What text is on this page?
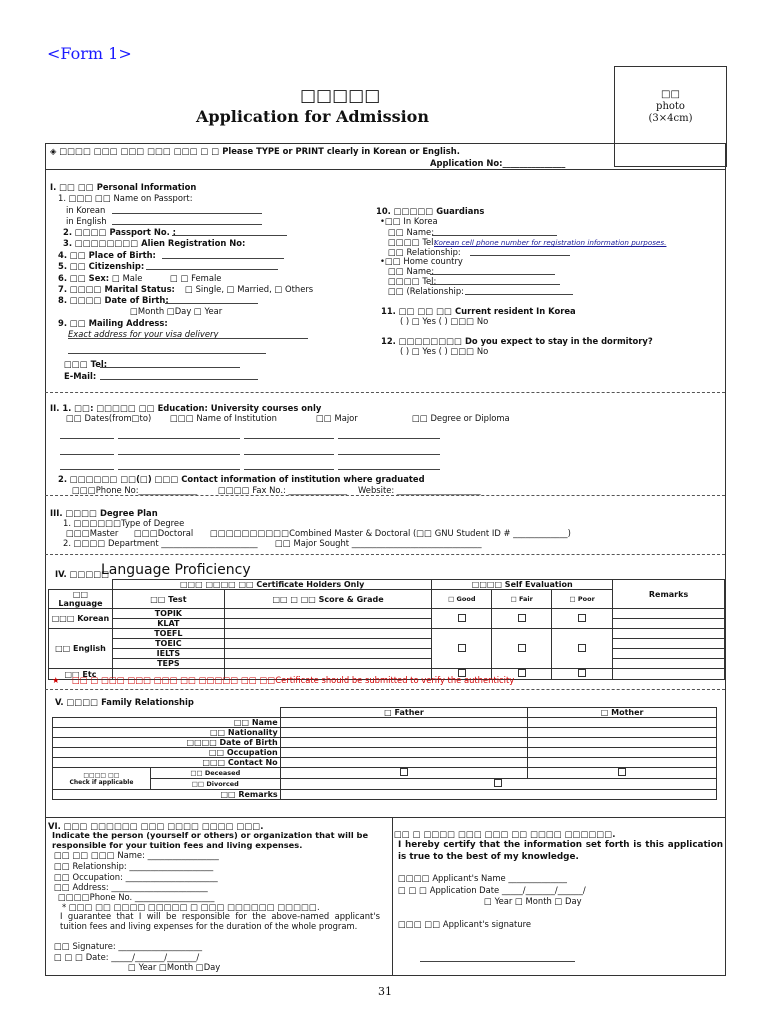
<Form 1>
□□□□□
Application for Admission
□□
photo
(3×4cm)
◈ □□□□ □□□ □□□ □□□ □□□ □ □ Please TYPE or PRINT clearly in Korean or English.
Application No:_______________
I. □□ □□ Personal Information
1. □□□ □□ Name on Passport:
in Korean
in English
2. □□□□ Passport No. :
3. □□□□□□□□ Alien Registration No:
4. □□ Place of Birth:
5. □□ Citizenship:
6. □□ Sex: □ Male	□ □ Female
7. □□□□ Marital Status: □ Single, □ Married, □ Others
8. □□□□ Date of Birth:
□Month □Day □ Year
9. □□ Mailing Address:
Exact address for your visa delivery
□□□ Tel:
E-Mail:
10. □□□□□ Guardians
•□□ In Korea
□□ Name:
□□□□ Tel:
Korean cell phone number for registration information purposes.
□□ Relationship:
•□□ Home country
□□ Name:
□□□□ Tel:
□□ (Relationship:
11. □□ □□ □□ Current resident In Korea
( ) □ Yes ( ) □□□ No
12. □□□□□□□□ Do you expect to stay in the dormitory?
( ) □ Yes ( ) □□□ No
II. 1. □□: □□□□□ □□ Education: University courses only
□□ Dates(from□to) □□□ Name of Institution	□□ Major	□□ Degree or Diploma
2. □□□□□□ □□(□) □□□ Contact information of institution where graduated
□□□Phone No:______________ □□□□ Fax No.: ______________ Website: ____________________
III. □□□□ Degree Plan
1. □□□□□□Type of Degree
□□□Master □□□Doctoral □□□□□□□□□□Combined Master & Doctoral (□□ GNU Student ID # _____________)
2. □□□□ Department _______________________ □□ Major Sought _______________________________
IV. □□□□□
Language Proficiency
	□□□ □□□□ □□ Certificate Holders Only		□□□□ Self Evaluation			Remarks
□□ Language	□□ Test	□□ □ □□ Score & Grade	□ Good	□ Fair	□ Poor	
□□□ Korean	TOPIK					
	KLAT					
□□ English	TOEFL					
	TOEIC					
	IELTS					
	TEPS					
□□ Etc						
★ □□ □ □□□ □□□ □□□ □□ □□□□□ □□ □□Certificate should be submitted to verify the authenticity
V. □□□□ Family Relationship
		□ Father	□ Mother
□□ Name			
□□ Nationality			
□□□□ Date of Birth			
□□ Occupation			
□□□ Contact No			

□□□□ □□
Check if applicable	□□ Deceased		
	□□ Divorced		
□□ Remarks			
VI. □□□ □□□□□□ □□□ □□□□ □□□□ □□□.
Indicate the person (yourself or others) or organization that will be responsible for your tuition fees and living expenses.
□□ □□ □□□ Name: _________________
□□ Relationship: ____________________
□□ Occupation: ______________________
□□ Address: _______________________
□□□□Phone No. ___________________
* □□□ □□ □□□□ □□□□□ □ □□□ □□□□□□ □□□□□.
I guarantee that I will be responsible for the above-named applicant's tuition fees and living expenses for the duration of the whole program.
□□ Signature: ____________________
□ □ □ Date: _____/_______/_______/
□ Year □Month □Day
□□ □ □□□□ □□□ □□□ □□ □□□□ □□□□□□.
I hereby certify that the information set forth is this application is true to the best of my knowledge.
□□□□ Applicant's Name ______________
□ □ □ Application Date _____/_______/______/
□ Year □ Month □ Day
□□□ □□ Applicant's signature
31
